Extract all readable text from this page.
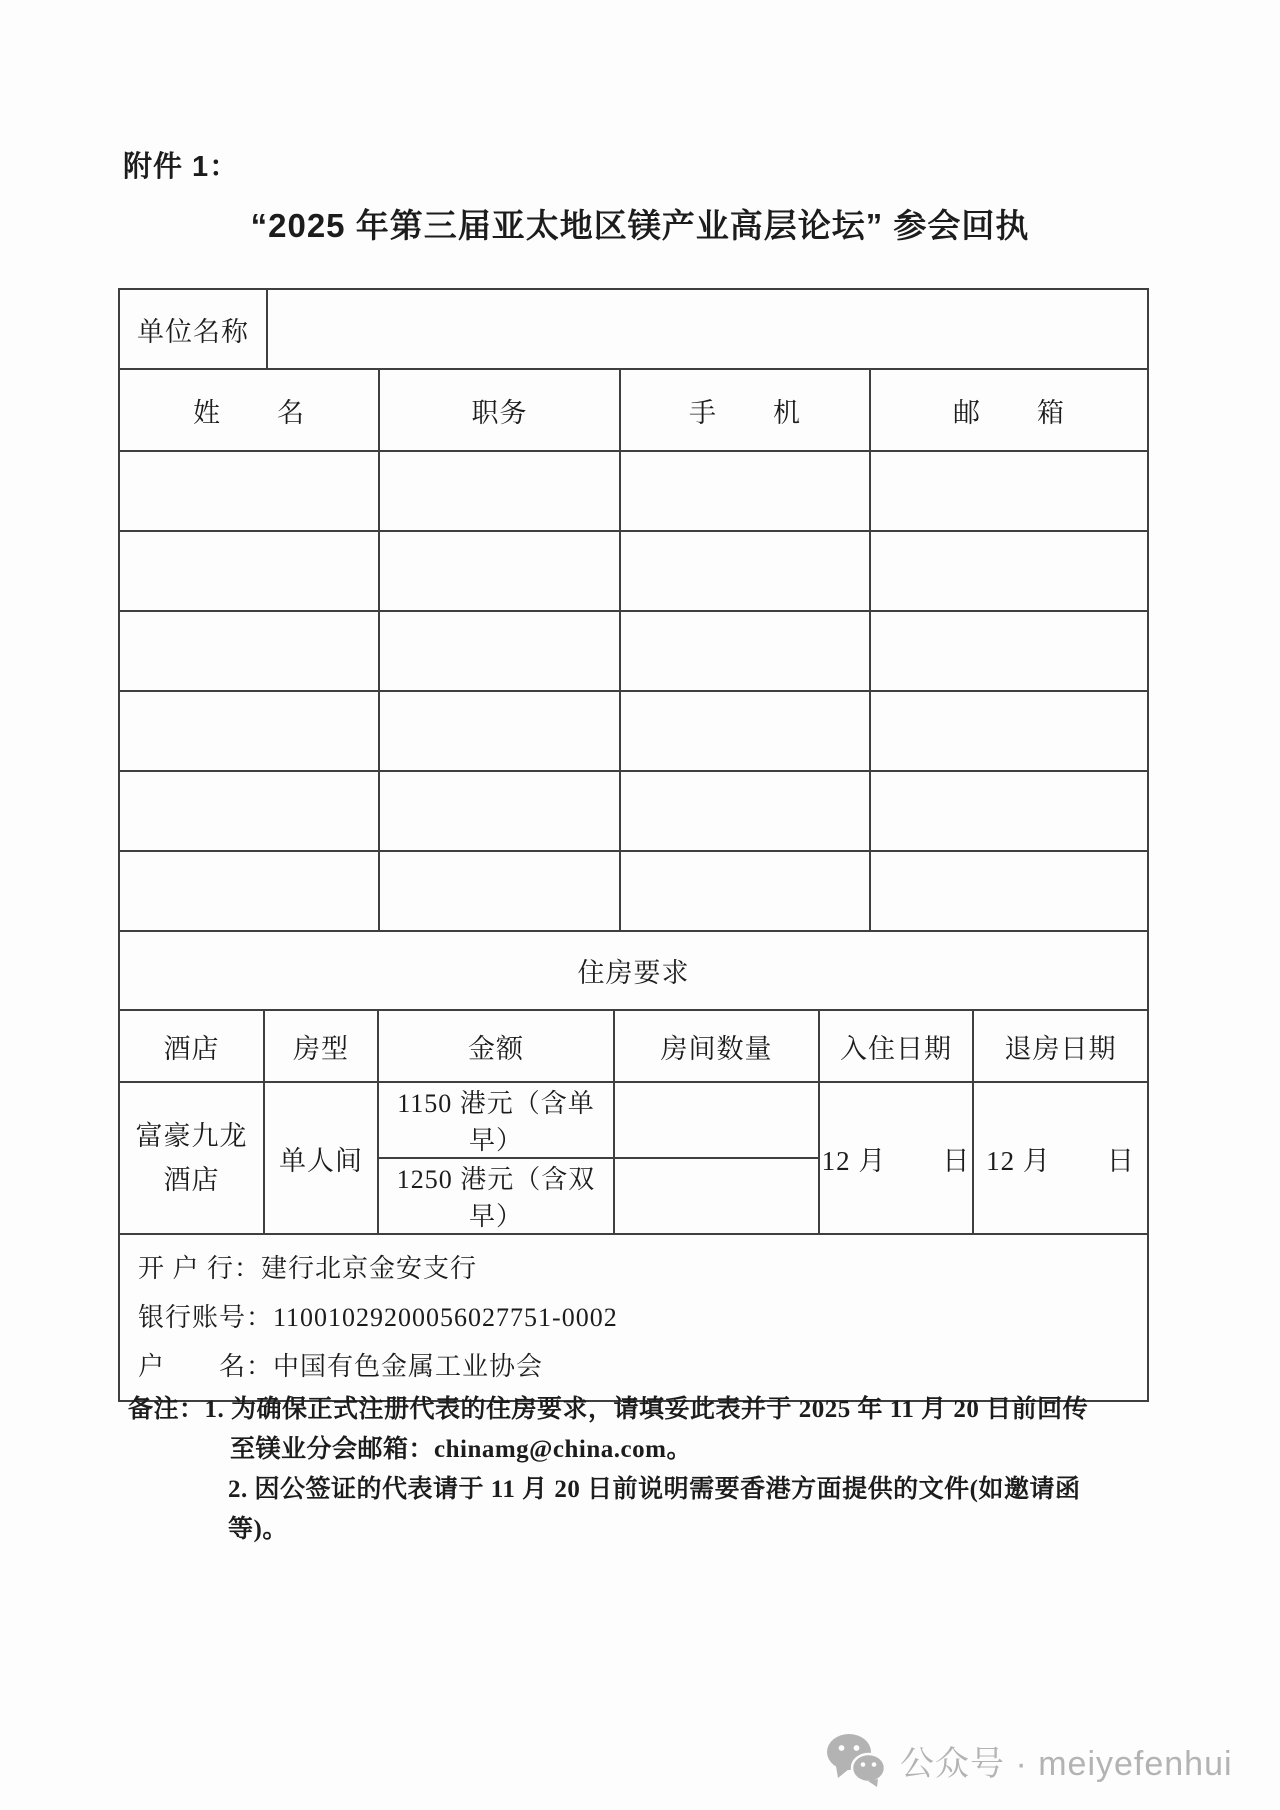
附件 1：
“2025 年第三届亚太地区镁产业高层论坛” 参会回执
单位名称				
姓　　名		职务	手　　机	邮　　箱

住房要求					
酒店	房型	金额	房间数量	入住日期	退房日期

富豪九龙
酒店	单人间	1150 港元（含单早）		12 月　　日	12 月　　日
		1250 港元（含双早）			

开 户 行：建行北京金安支行
银行账号：11001029200056027751-0002
户　　名：中国有色金属工业协会					
备注：1. 为确保正式注册代表的住房要求，请填妥此表并于 2025 年 11 月 20 日前回传
至镁业分会邮箱：chinamg@china.com。
2. 因公签证的代表请于 11 月 20 日前说明需要香港方面提供的文件(如邀请函等)。
公众号 · meiyefenhui
